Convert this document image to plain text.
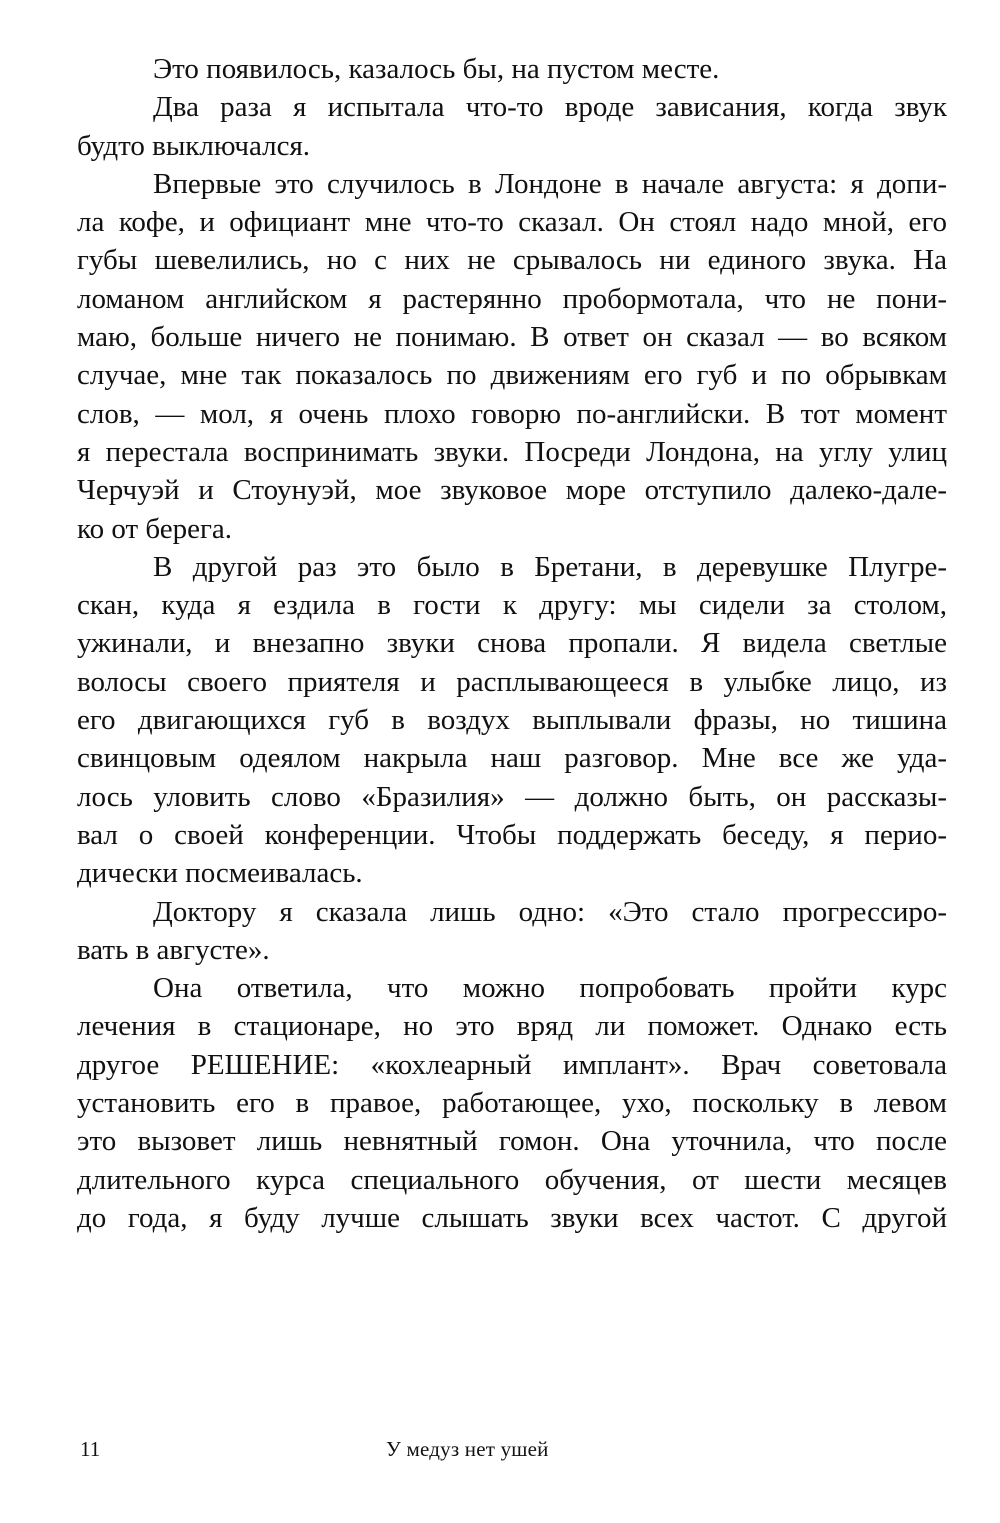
Это появилось, казалось бы, на пустом месте.
Два раза я испытала что-то вроде зависания, когда звук
будто выключался.
Впервые это случилось в Лондоне в начале августа: я допи-
ла кофе, и официант мне что-то сказал. Он стоял надо мной, его
губы шевелились, но с них не срывалось ни единого звука. На
ломаном английском я растерянно пробормотала, что не пони-
маю, больше ничего не понимаю. В ответ он сказал — во всяком
случае, мне так показалось по движениям его губ и по обрывкам
слов, — мол, я очень плохо говорю по-английски. В тот момент
я перестала воспринимать звуки. Посреди Лондона, на углу улиц
Черчуэй и Стоунуэй, мое звуковое море отступило далеко-дале-
ко от берега.
В другой раз это было в Бретани, в деревушке Плугре-
скан, куда я ездила в гости к другу: мы сидели за столом,
ужинали, и внезапно звуки снова пропали. Я видела светлые
волосы своего приятеля и расплывающееся в улыбке лицо, из
его двигающихся губ в воздух выплывали фразы, но тишина
свинцовым одеялом накрыла наш разговор. Мне все же уда-
лось уловить слово «Бразилия» — должно быть, он рассказы-
вал о своей конференции. Чтобы поддержать беседу, я перио-
дически посмеивалась.
Доктору я сказала лишь одно: «Это стало прогрессиро-
вать в августе».
Она ответила, что можно попробовать пройти курс
лечения в стационаре, но это вряд ли поможет. Однако есть
другое РЕШЕНИЕ: «кохлеарный имплант». Врач советовала
установить его в правое, работающее, ухо, поскольку в левом
это вызовет лишь невнятный гомон. Она уточнила, что после
длительного курса специального обучения, от шести месяцев
до года, я буду лучше слышать звуки всех частот. С другой
11	У медуз нет ушей
